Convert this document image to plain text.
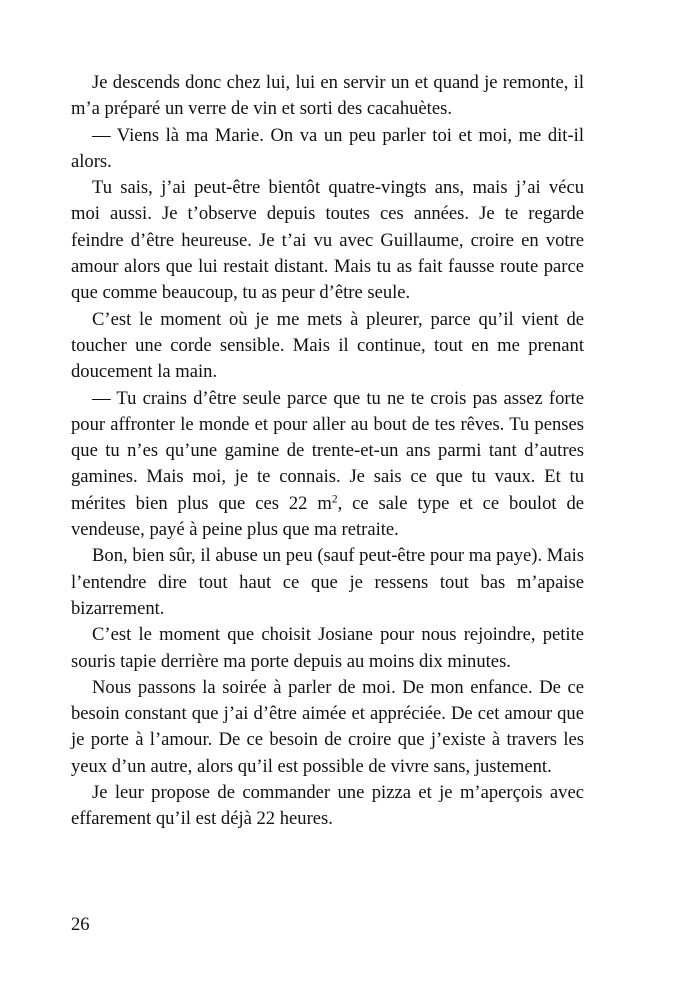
Je descends donc chez lui, lui en servir un et quand je remonte, il m’a préparé un verre de vin et sorti des cacahuètes.

— Viens là ma Marie. On va un peu parler toi et moi, me dit-il alors.

Tu sais, j’ai peut-être bientôt quatre-vingts ans, mais j’ai vécu moi aussi. Je t’observe depuis toutes ces années. Je te regarde feindre d’être heureuse. Je t’ai vu avec Guillaume, croire en votre amour alors que lui restait distant. Mais tu as fait fausse route parce que comme beaucoup, tu as peur d’être seule.

C’est le moment où je me mets à pleurer, parce qu’il vient de toucher une corde sensible. Mais il continue, tout en me prenant doucement la main.

— Tu crains d’être seule parce que tu ne te crois pas assez forte pour affronter le monde et pour aller au bout de tes rêves. Tu penses que tu n’es qu’une gamine de trente-et-un ans parmi tant d’autres gamines. Mais moi, je te connais. Je sais ce que tu vaux. Et tu mérites bien plus que ces 22 $m^2$, ce sale type et ce boulot de vendeuse, payé à peine plus que ma retraite.

Bon, bien sûr, il abuse un peu (sauf peut-être pour ma paye). Mais l’entendre dire tout haut ce que je ressens tout bas m’apaise bizarrement.

C’est le moment que choisit Josiane pour nous rejoindre, petite souris tapie derrière ma porte depuis au moins dix minutes.

Nous passons la soirée à parler de moi. De mon enfance. De ce besoin constant que j’ai d’être aimée et appréciée. De cet amour que je porte à l’amour. De ce besoin de croire que j’existe à travers les yeux d’un autre, alors qu’il est possible de vivre sans, justement.

Je leur propose de commander une pizza et je m’aperçois avec effarement qu’il est déjà 22 heures.

26
